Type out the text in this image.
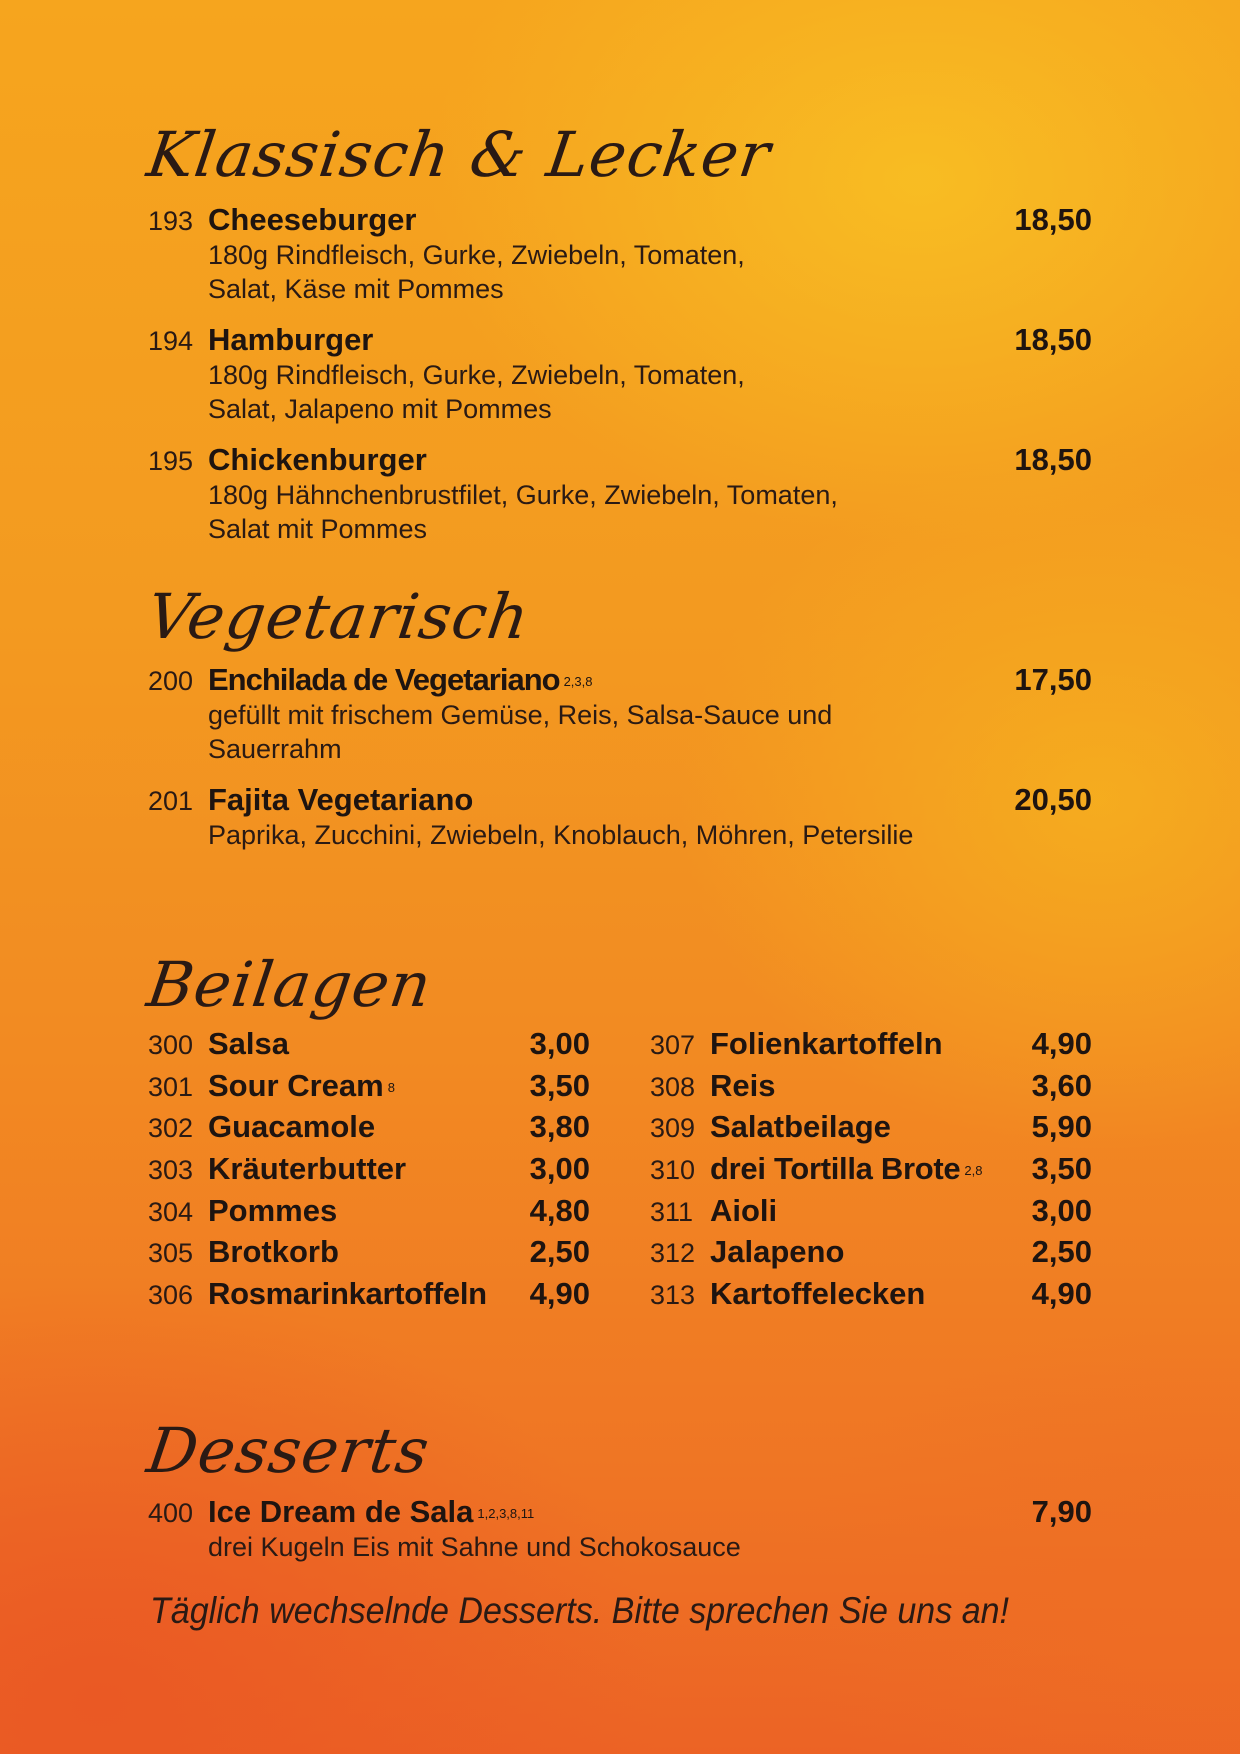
Klassisch & Lecker
193 Cheeseburger	18,50
180g Rindfleisch, Gurke, Zwiebeln, Tomaten,
Salat, Käse mit Pommes
194 Hamburger	18,50
180g Rindfleisch, Gurke, Zwiebeln, Tomaten,
Salat, Jalapeno mit Pommes
195 Chickenburger	18,50
180g Hähnchenbrustfilet, Gurke, Zwiebeln, Tomaten,
Salat mit Pommes
Vegetarisch
200 Enchilada de Vegetariano $^{2,3,8}$	17,50
gefüllt mit frischem Gemüse, Reis, Salsa-Sauce und
Sauerrahm
201 Fajita Vegetariano	20,50
Paprika, Zucchini, Zwiebeln, Knoblauch, Möhren, Petersilie
Beilagen
300 Salsa	3,00
301 Sour Cream $^8$	3,50
302 Guacamole	3,80
303 Kräuterbutter	3,00
304 Pommes	4,80
305 Brotkorb	2,50
306 Rosmarinkartoffeln 4,90
307 Folienkartoffeln	4,90
308 Reis	3,60
309 Salatbeilage	5,90
310 drei Tortilla Brote $^{2,8}$ 3,50
311 Aioli	3,00
312 Jalapeno	2,50
313 Kartoffelecken	4,90
Desserts
400 Ice Dream de Sala $^{1,2,3,8,11}$	7,90
drei Kugeln Eis mit Sahne und Schokosauce

Täglich wechselnde Desserts. Bitte sprechen Sie uns an!
